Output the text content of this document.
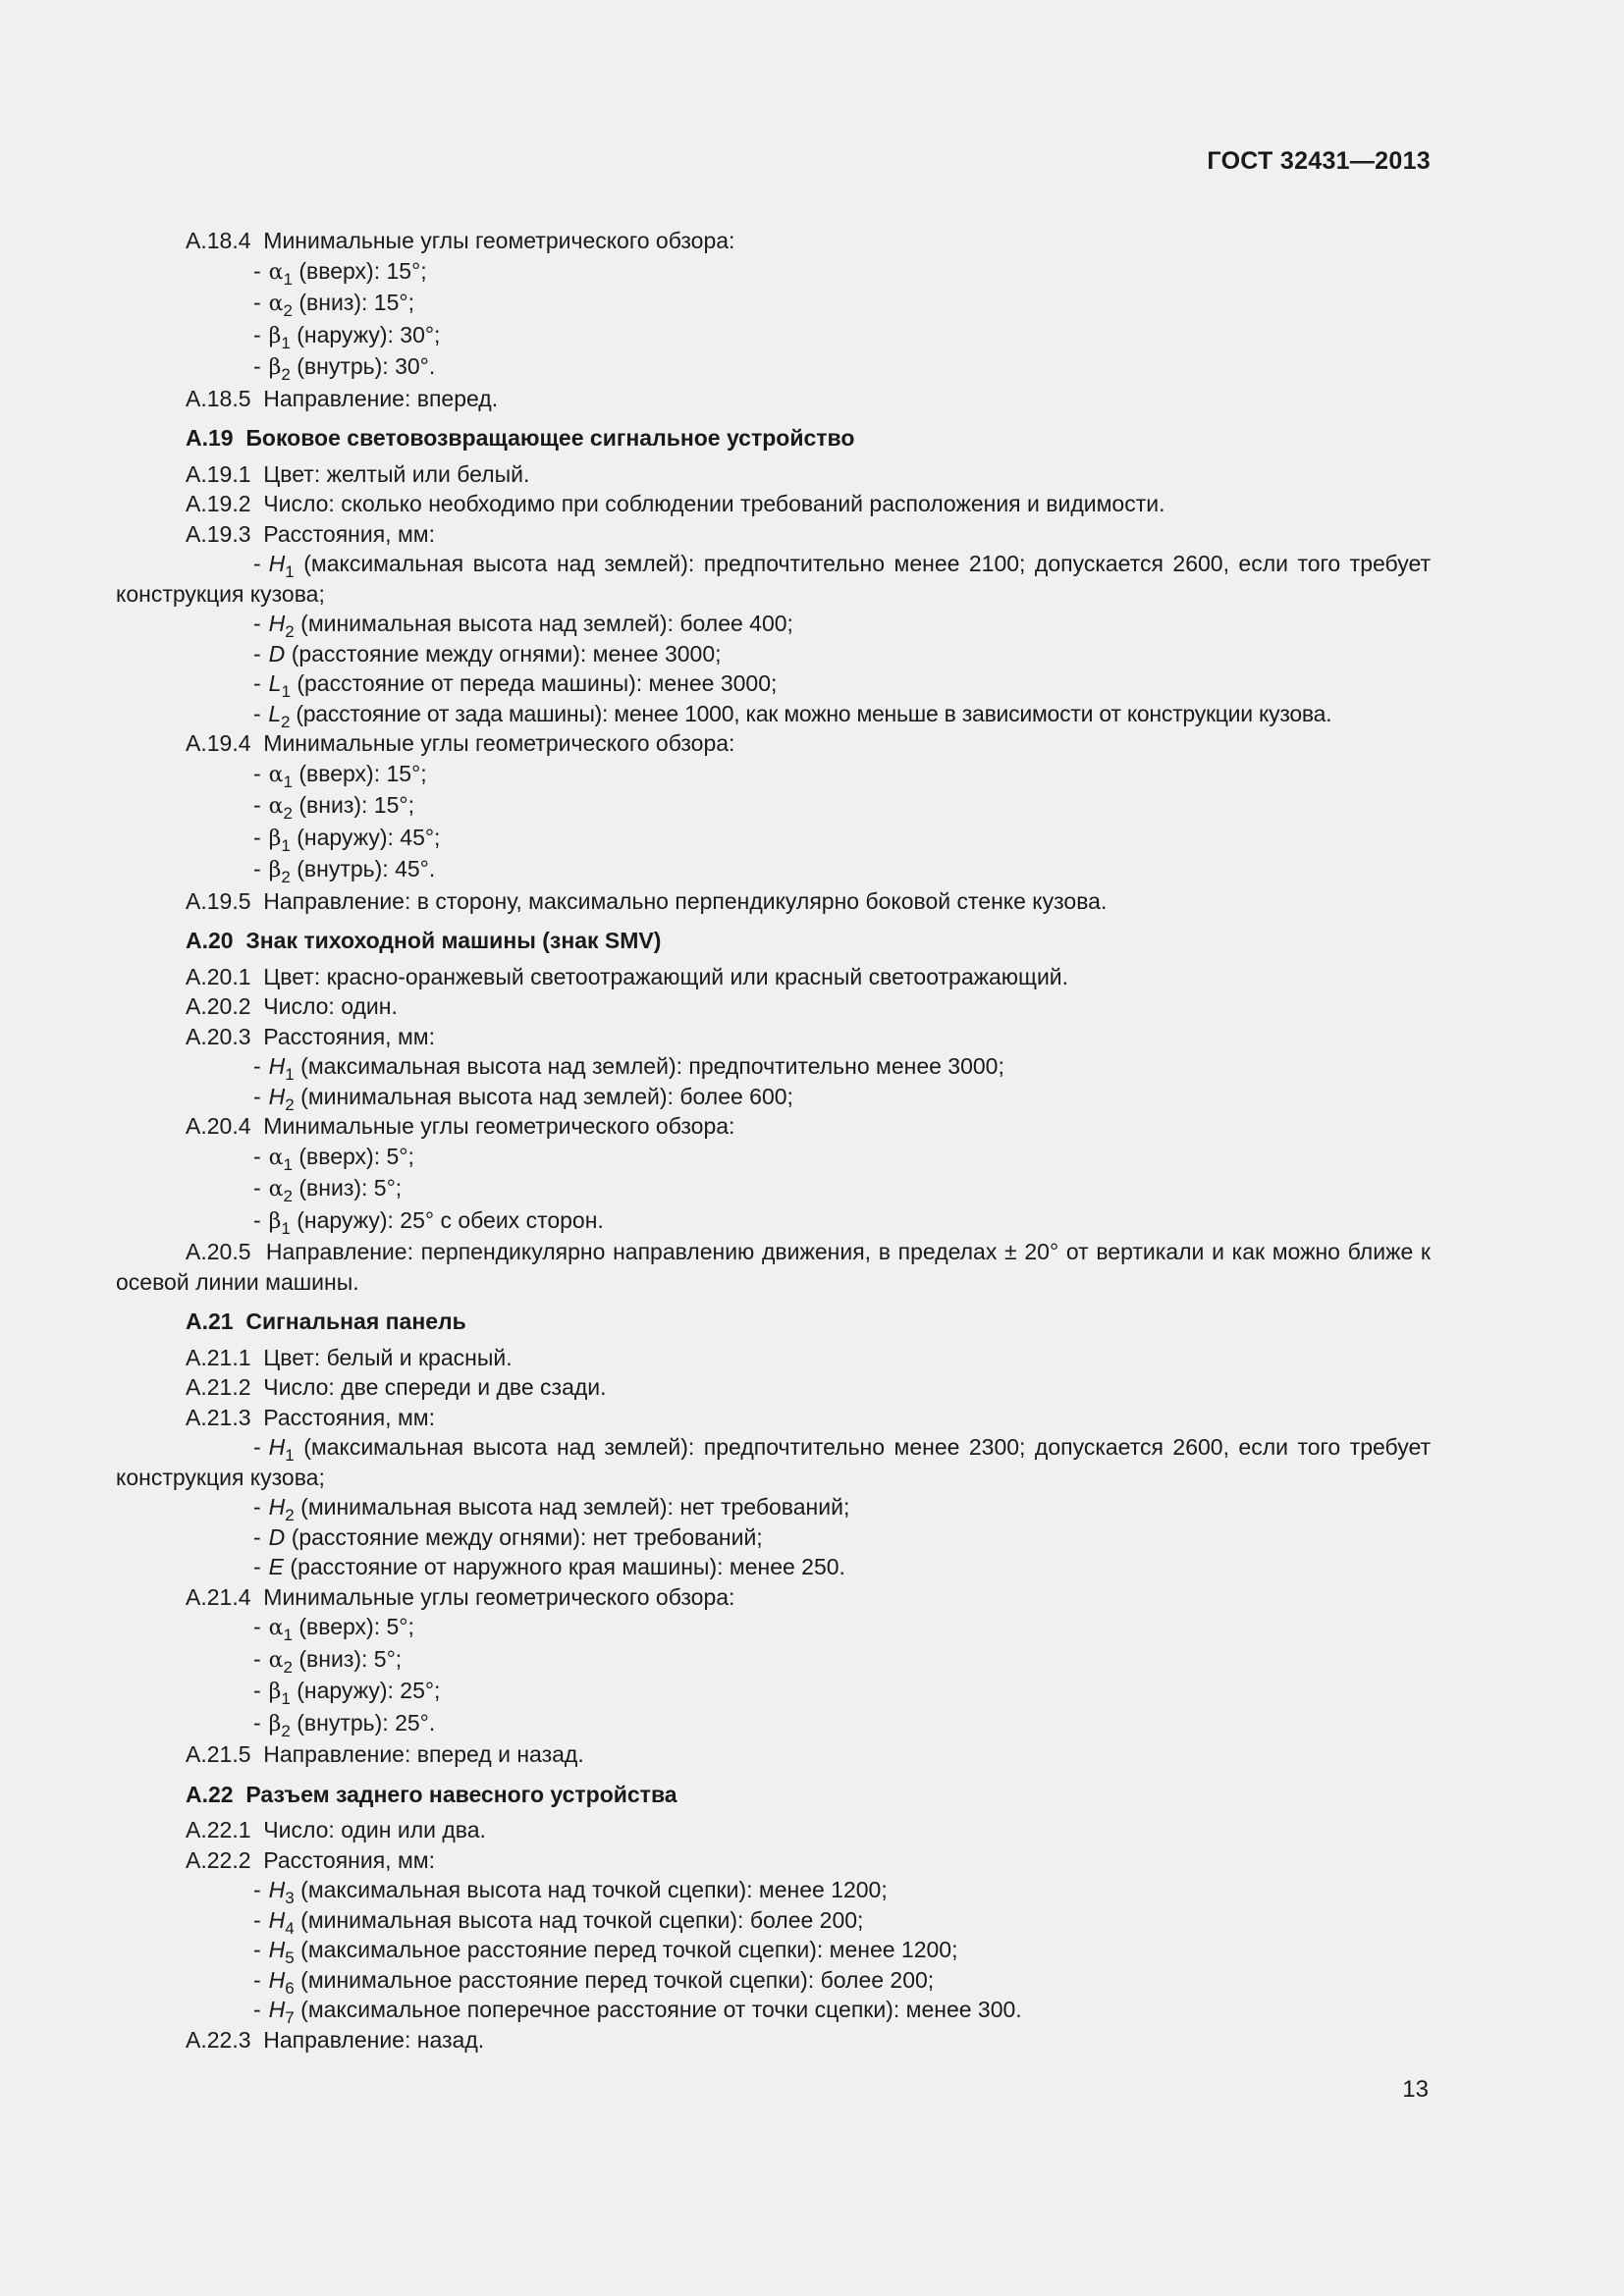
ГОСТ 32431—2013
А.18.4 Минимальные углы геометрического обзора:
- $\alpha_1$ (вверх): 15°;
- $\alpha_2$ (вниз): 15°;
- $\beta_1$ (наружу): 30°;
- $\beta_2$ (внутрь): 30°.
А.18.5 Направление: вперед.
А.19 Боковое световозвращающее сигнальное устройство
А.19.1 Цвет: желтый или белый.
А.19.2 Число: сколько необходимо при соблюдении требований расположения и видимости.
А.19.3 Расстояния, мм:
- $H_1$ (максимальная высота над землей): предпочтительно менее 2100; допускается 2600, если того требует конструкция кузова;
- $H_2$ (минимальная высота над землей): более 400;
- D (расстояние между огнями): менее 3000;
- $L_1$ (расстояние от переда машины): менее 3000;
- $L_2$ (расстояние от зада машины): менее 1000, как можно меньше в зависимости от конструкции кузова.
А.19.4 Минимальные углы геометрического обзора:
- $\alpha_1$ (вверх): 15°;
- $\alpha_2$ (вниз): 15°;
- $\beta_1$ (наружу): 45°;
- $\beta_2$ (внутрь): 45°.
А.19.5 Направление: в сторону, максимально перпендикулярно боковой стенке кузова.
А.20 Знак тихоходной машины (знак SMV)
А.20.1 Цвет: красно-оранжевый светоотражающий или красный светоотражающий.
А.20.2 Число: один.
А.20.3 Расстояния, мм:
- $H_1$ (максимальная высота над землей): предпочтительно менее 3000;
- $H_2$ (минимальная высота над землей): более 600;
А.20.4 Минимальные углы геометрического обзора:
- $\alpha_1$ (вверх): 5°;
- $\alpha_2$ (вниз): 5°;
- $\beta_1$ (наружу): 25° с обеих сторон.
А.20.5 Направление: перпендикулярно направлению движения, в пределах ± 20° от вертикали и как можно ближе к осевой линии машины.
А.21 Сигнальная панель
А.21.1 Цвет: белый и красный.
А.21.2 Число: две спереди и две сзади.
А.21.3 Расстояния, мм:
- $H_1$ (максимальная высота над землей): предпочтительно менее 2300; допускается 2600, если того требует конструкция кузова;
- $H_2$ (минимальная высота над землей): нет требований;
- D (расстояние между огнями): нет требований;
- E (расстояние от наружного края машины): менее 250.
А.21.4 Минимальные углы геометрического обзора:
- $\alpha_1$ (вверх): 5°;
- $\alpha_2$ (вниз): 5°;
- $\beta_1$ (наружу): 25°;
- $\beta_2$ (внутрь): 25°.
А.21.5 Направление: вперед и назад.
А.22 Разъем заднего навесного устройства
А.22.1 Число: один или два.
А.22.2 Расстояния, мм:
- $H_3$ (максимальная высота над точкой сцепки): менее 1200;
- $H_4$ (минимальная высота над точкой сцепки): более 200;
- $H_5$ (максимальное расстояние перед точкой сцепки): менее 1200;
- $H_6$ (минимальное расстояние перед точкой сцепки): более 200;
- $H_7$ (максимальное поперечное расстояние от точки сцепки): менее 300.
А.22.3 Направление: назад.
13
